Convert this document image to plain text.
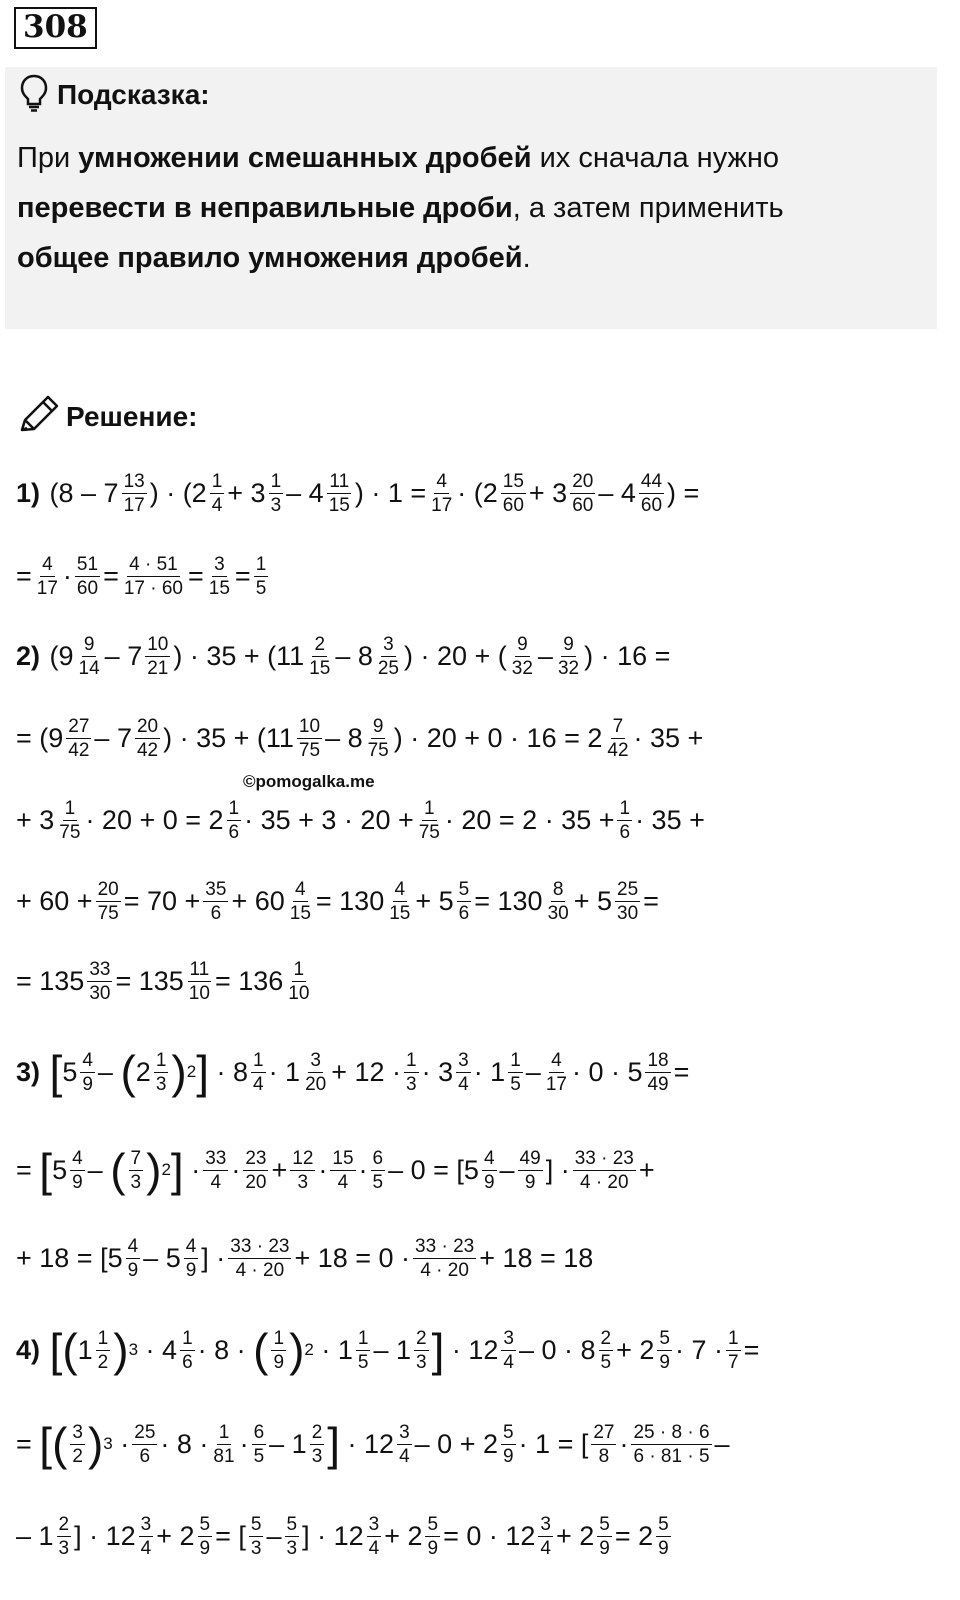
308
Подсказка:
При умножении смешанных дробей их сначала нужно
перевести в неправильные дроби, а затем применить
общее правило умножения дробей.
Решение:
©pomogalka.me
1) ($8 - 7 \frac{13}{17}$ ) · ($2 \frac{1}{4} + 3 \frac{1}{3} - 4 \frac{11}{15}$ ) · $1 = \frac{4}{17} \cdot (2 \frac{15}{60} + 3 \frac{20}{60} - 4 \frac{44}{60}$ ) =
= $\frac{4}{17} \cdot \frac{51}{60} = \frac{4 \cdot 51}{17 \cdot 60} = \frac{3}{15} = \frac{1}{5}$
2) ($9 \frac{9}{14} - 7 \frac{10}{21}$ ) · $35 + (11 \frac{2}{15} - 8 \frac{3}{25}$ ) · 20 + ( $\frac{9}{32} - \frac{9}{32}$ ) · 16 =
= ($9 \frac{27}{42} - 7 \frac{20}{42}$ ) · $35 + (11 \frac{10}{75} - 8 \frac{9}{75}$ ) · $20 + 0 \cdot 16 = 2 \frac{7}{42} \cdot 35$ +
+ $3 \frac{1}{75} \cdot 20 + 0 = 2 \frac{1}{6} \cdot 35 + 3 \cdot 20 + \frac{1}{75} \cdot 20 = 2 \cdot 35 + \frac{1}{6} \cdot 35$ +
+ $60 + \frac{20}{75} = 70 + \frac{35}{6} + 60 \frac{4}{15} = 130 \frac{4}{15} + 5 \frac{5}{6} = 130 \frac{8}{30} + 5 \frac{25}{30}$ =
= $135 \frac{33}{30} = 135 \frac{11}{10} = 136 \frac{1}{10}$
3)
[ $5 \frac{4}{9}$ – ( $2 \frac{1}{3}$ ) 2 ] · $8 \frac{1}{4} \cdot 1 \frac{3}{20} + 12 \cdot \frac{1}{3} \cdot 3 \frac{3}{4} \cdot 1 \frac{1}{5} - \frac{4}{17} \cdot 0 \cdot 5 \frac{18}{49}$ =
= [ $5 \frac{4}{9}$ – ( $\frac{7}{3}$ ) 2 ] · $\frac{33}{4} \cdot \frac{23}{20} + \frac{12}{3} \cdot \frac{15}{4} \cdot \frac{6}{5} - 0 = [5 \frac{4}{9} - \frac{49}{9}$ ] · $\frac{33 \cdot 23}{4 \cdot 20}$ +
+ $18 = [5 \frac{4}{9} - 5 \frac{4}{9}$ ] · $\frac{33 \cdot 23}{4 \cdot 20} + 18 = 0 \cdot \frac{33 \cdot 23}{4 \cdot 20} + 18 = 18$
4)
[ ( $1 \frac{1}{2}$ ) $3 \cdot 4 \frac{1}{6} \cdot 8$ · ( $\frac{1}{9}$ ) $2 \cdot 1 \frac{1}{5} - 1 \frac{2}{3}$ ] · $12 \frac{3}{4} - 0 \cdot 8 \frac{2}{5} + 2 \frac{5}{9} \cdot 7 \cdot \frac{1}{7}$ =
= [ ( $\frac{3}{2}$ ) $3 \cdot \frac{25}{6} \cdot 8 \cdot \frac{1}{81} \cdot \frac{6}{5} - 1 \frac{2}{3}$ ] · $12 \frac{3}{4} - 0 + 2 \frac{5}{9} \cdot 1$ = [ $\frac{27}{8} \cdot \frac{25 \cdot 8 \cdot 6}{6 \cdot 81 \cdot 5}$ –
– $1 \frac{2}{3}$ ] · $12 \frac{3}{4} + 2 \frac{5}{9}$ = [ $\frac{5}{3} - \frac{5}{3}$ ] · $12 \frac{3}{4} + 2 \frac{5}{9} = 0 \cdot 12 \frac{3}{4} + 2 \frac{5}{9} = 2 \frac{5}{9}$
